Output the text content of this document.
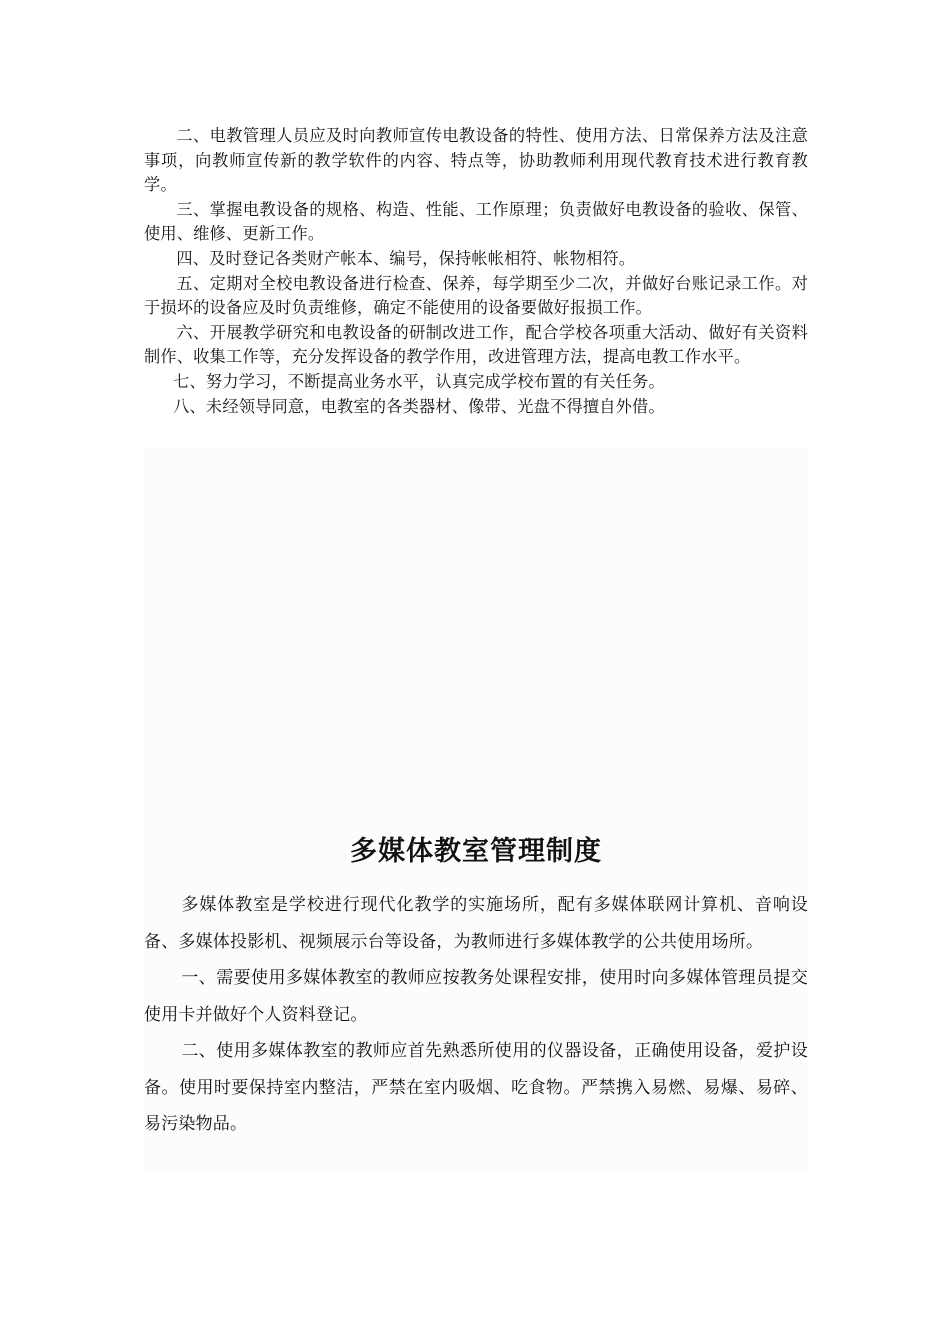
二、电教管理人员应及时向教师宣传电教设备的特性、使用方法、日常保养方法及注意事项，向教师宣传新的教学软件的内容、特点等，协助教师利用现代教育技术进行教育教学。

三、掌握电教设备的规格、构造、性能、工作原理；负责做好电教设备的验收、保管、使用、维修、更新工作。

四、及时登记各类财产帐本、编号，保持帐帐相符、帐物相符。

五、定期对全校电教设备进行检查、保养，每学期至少二次，并做好台账记录工作。对于损坏的设备应及时负责维修，确定不能使用的设备要做好报损工作。

六、开展教学研究和电教设备的研制改进工作，配合学校各项重大活动、做好有关资料制作、收集工作等，充分发挥设备的教学作用，改进管理方法，提高电教工作水平。

七、努力学习，不断提高业务水平，认真完成学校布置的有关任务。

八、未经领导同意，电教室的各类器材、像带、光盘不得擅自外借。

多媒体教室管理制度

多媒体教室是学校进行现代化教学的实施场所，配有多媒体联网计算机、音响设备、多媒体投影机、视频展示台等设备，为教师进行多媒体教学的公共使用场所。

一、需要使用多媒体教室的教师应按教务处课程安排，使用时向多媒体管理员提交使用卡并做好个人资料登记。

二、使用多媒体教室的教师应首先熟悉所使用的仪器设备，正确使用设备，爱护设备。使用时要保持室内整洁，严禁在室内吸烟、吃食物。严禁携入易燃、易爆、易碎、易污染物品。
